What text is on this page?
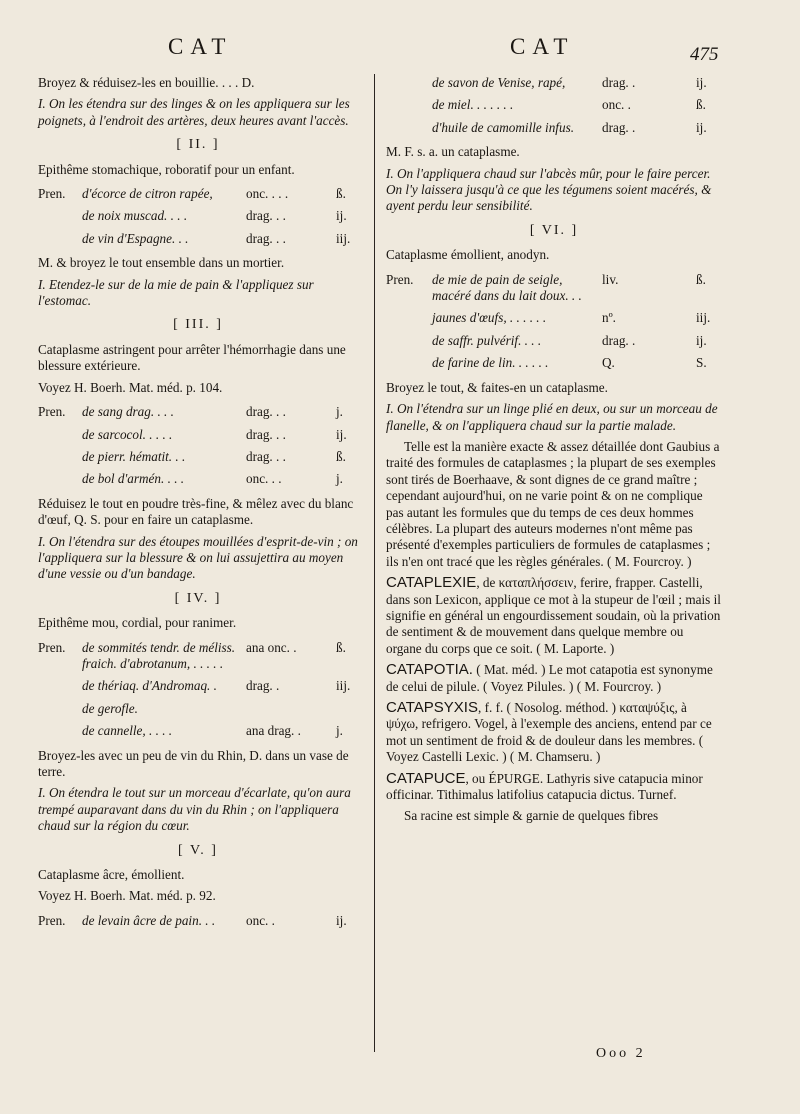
CAT	CAT	475
Broyez & réduisez-les en bouillie. . . . D.
I. On les étendra sur des linges & on les appliquera sur les poignets, à l'endroit des artères, deux heures avant l'accès.
[ II. ]
Epithême stomachique, roboratif pour un enfant.
Pren.	d'écorce de citron rapée,	onc. . . .	ß.
de noix muscad. . . .	drag. . .	ij.
de vin d'Espagne. . .	drag. . .	iij.
M. & broyez le tout ensemble dans un mortier.
I. Etendez-le sur de la mie de pain & l'appliquez sur l'estomac.
[ III. ]
Cataplasme astringent pour arrêter l'hémorrhagie dans une blessure extérieure.
Voyez H. Boerh. Mat. méd. p. 104.
Pren.	de sang drag. . . .	drag. . .	j.
de sarcocol. . . . .	drag. . .	ij.
de pierr. hématit. . .	drag. . .	ß.
de bol d'armén. . . .	onc. . .	j.
Réduisez le tout en poudre très-fine, & mêlez avec du blanc d'œuf, Q. S. pour en faire un cataplasme.
I. On l'étendra sur des étoupes mouillées d'esprit-de-vin ; on l'appliquera sur la blessure & on lui assujettira au moyen d'une vessie ou d'un bandage.
[ IV. ]
Epithême mou, cordial, pour ranimer.
Pren.	de sommités tendr. de méliss. fraich. d'abrotanum, . . . . .
ana onc. .	ß.
de thériaq. d'Andromaq. .	drag. .	iij.
de gerofle.
de cannelle, . . . .	ana drag. .	j.
Broyez-les avec un peu de vin du Rhin, D. dans un vase de terre.
I. On étendra le tout sur un morceau d'écarlate, qu'on aura trempé auparavant dans du vin du Rhin ; on l'appliquera chaud sur la région du cœur.
[ V. ]
Cataplasme âcre, émollient.
Voyez H. Boerh. Mat. méd. p. 92.
Pren.	de levain âcre de pain. . .	onc. .	ij.
de savon de Venise, rapé,	drag. .	ij.
de miel. . . . . . .	onc. .	ß.
d'huile de camomille infus.	drag. .	ij.
M. F. s. a. un cataplasme.
I. On l'appliquera chaud sur l'abcès mûr, pour le faire percer. On l'y laissera jusqu'à ce que les tégumens soient macérés, & ayent perdu leur sensibilité.
[ VI. ]
Cataplasme émollient, anodyn.
Pren.	de mie de pain de seigle, macéré dans du lait doux. . .
liv.	ß.
jaunes d'œufs, . . . . . .	nº.	iij.
de saffr. pulvérif. . . .	drag. .	ij.
de farine de lin. . . . . .	Q.	S.
Broyez le tout, & faites-en un cataplasme.
I. On l'étendra sur un linge plié en deux, ou sur un morceau de flanelle, & on l'appliquera chaud sur la partie malade.
Telle est la manière exacte & assez détaillée dont Gaubius a traité des formules de cataplasmes ; la plupart de ses exemples sont tirés de Boerhaave, & sont dignes de ce grand maître ; cependant aujourd'hui, on ne varie point & on ne complique pas autant les formules que du temps de ces deux hommes célèbres. La plupart des auteurs modernes n'ont même pas présenté d'exemples particuliers de formules de cataplasmes ; ils n'en ont tracé que les règles générales. ( M. Fourcroy. )
CATAPLEXIE, de καταπλήσσειν, ferire, frapper. Castelli, dans son Lexicon, applique ce mot à la stupeur de l'œil ; mais il signifie en général un engourdissement soudain, où la privation de sentiment & de mouvement dans quelque membre ou organe du corps que ce soit. ( M. Laporte. )
CATAPOTIA. ( Mat. méd. ) Le mot catapotia est synonyme de celui de pilule. ( Voyez Pilules. ) ( M. Fourcroy. )
CATAPSYXIS, f. f. ( Nosolog. méthod. ) καταψύξις, à ψύχω, refrigero. Vogel, à l'exemple des anciens, entend par ce mot un sentiment de froid & de douleur dans les membres. ( Voyez Castelli Lexic. ) ( M. Chamseru. )
CATAPUCE, ou ÉPURGE. Lathyris sive catapucia minor officinar. Tithimalus latifolius catapucia dictus. Turnef.
Sa racine est simple & garnie de quelques fibres
Ooo 2
